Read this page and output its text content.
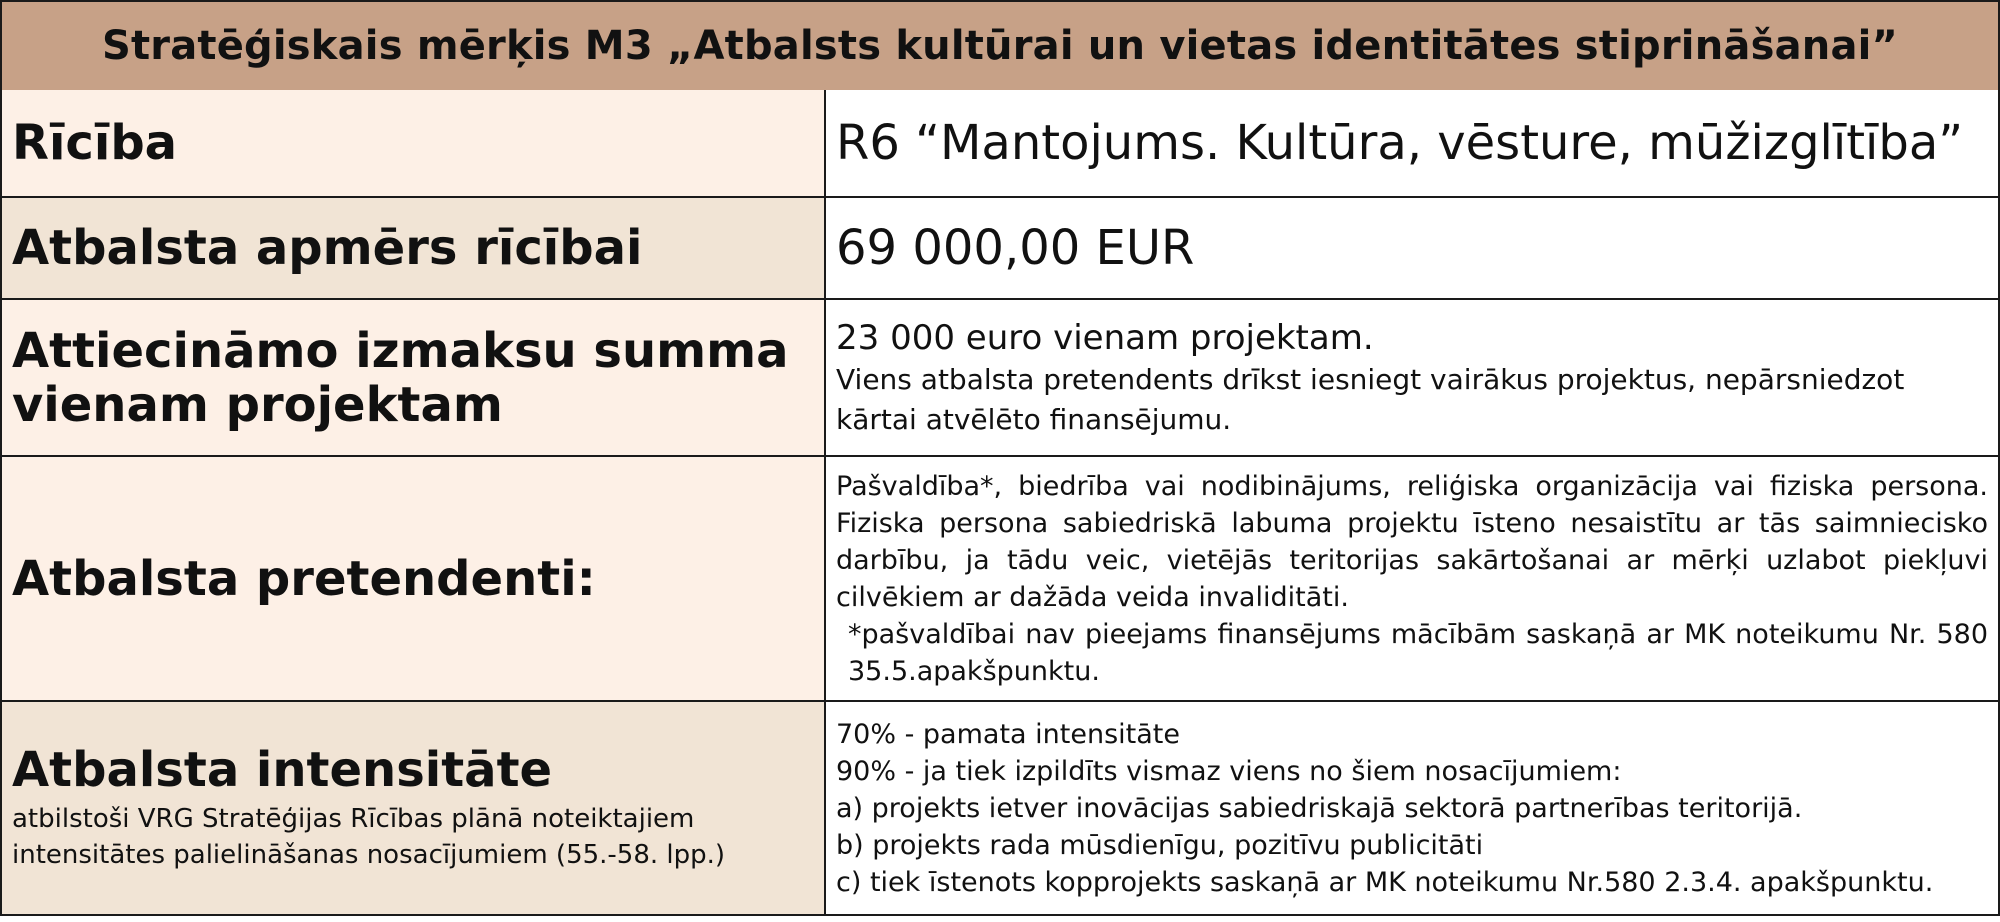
Stratēģiskais mērķis M3 „Atbalsts kultūrai un vietas identitātes stiprināšanai”
Rīcība	R6 “Mantojums. Kultūra, vēsture, mūžizglītība”
Atbalsta apmērs rīcībai	69 000,00 EUR
Attiecināmo izmaksu summa vienam projektam
23 000 euro vienam projektam.
Viens atbalsta pretendents drīkst iesniegt vairākus projektus, nepārsniedzot kārtai atvēlēto finansējumu.
Atbalsta pretendenti:
Pašvaldība*, biedrība vai nodibinājums, reliģiska organizācija vai fiziska persona. Fiziska persona sabiedriskā labuma projektu īsteno nesaistītu ar tās saimniecisko darbību, ja tādu veic, vietējās teritorijas sakārtošanai ar mērķi uzlabot piekļuvi cilvēkiem ar dažāda veida invaliditāti.
*pašvaldībai nav pieejams finansējums mācībām saskaņā ar MK noteikumu Nr. 580 35.5.apakšpunktu.
Atbalsta intensitāte
atbilstoši VRG Stratēģijas Rīcības plānā noteiktajiem intensitātes palielināšanas nosacījumiem (55.-58. lpp.)
70% - pamata intensitāte
90% - ja tiek izpildīts vismaz viens no šiem nosacījumiem:
a) projekts ietver inovācijas sabiedriskajā sektorā partnerības teritorijā.
b) projekts rada mūsdienīgu, pozitīvu publicitāti
c) tiek īstenots kopprojekts saskaņā ar MK noteikumu Nr.580 2.3.4. apakšpunktu.
